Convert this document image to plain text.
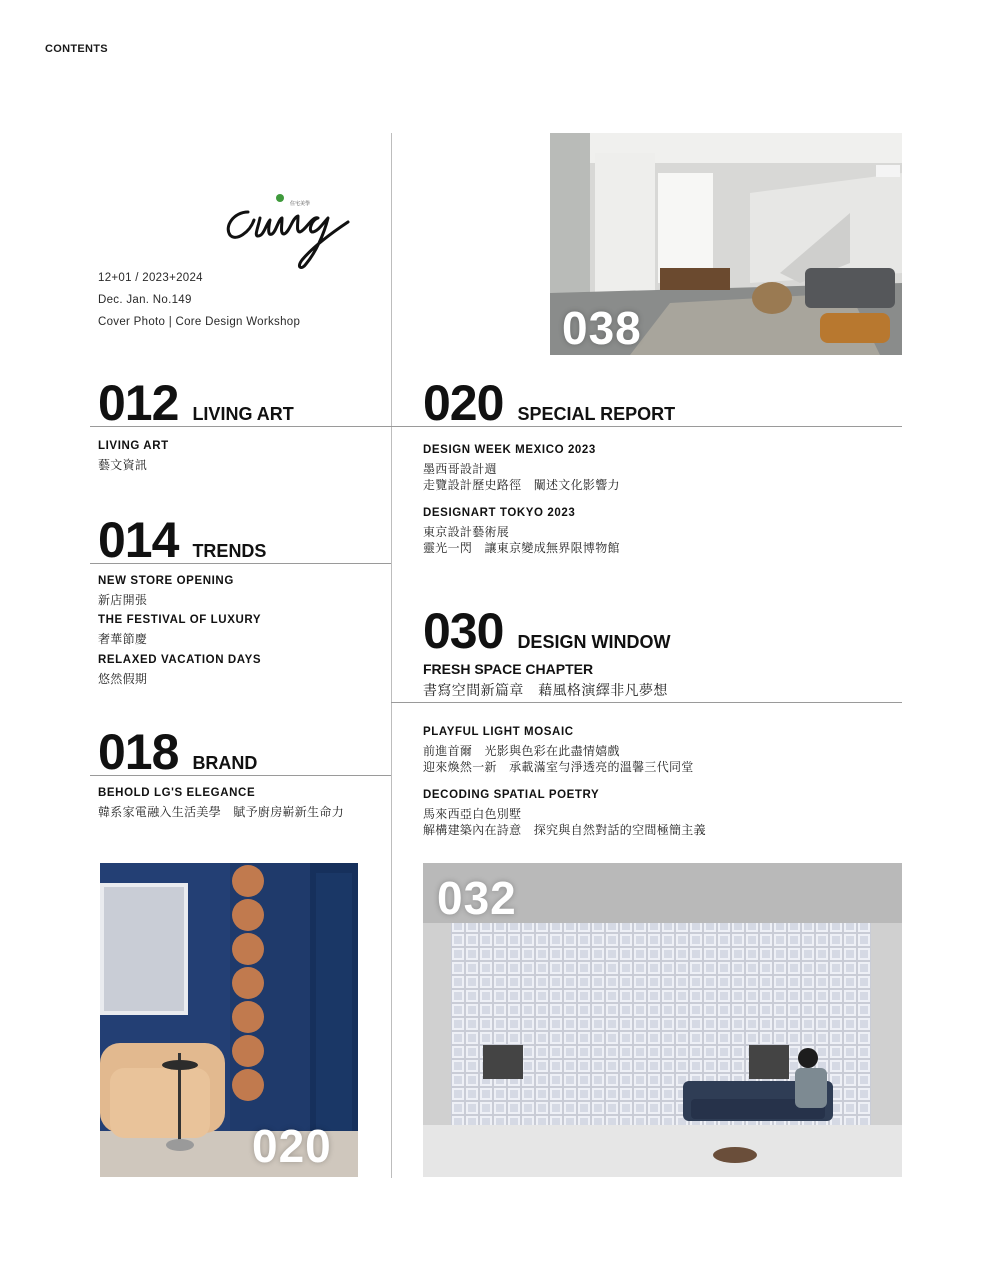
CONTENTS
住宅美學
12+01 / 2023+2024
Dec. Jan. No.149
Cover Photo | Core Design Workshop
012 LIVING ART
LIVING ART
藝文資訊
014 TRENDS
NEW STORE OPENING
新店開張
THE FESTIVAL OF LUXURY
奢華節慶
RELAXED VACATION DAYS
悠然假期
018 BRAND
BEHOLD LG'S ELEGANCE
韓系家電融入生活美學　賦予廚房嶄新生命力
020 SPECIAL REPORT
DESIGN WEEK MEXICO 2023
墨西哥設計週
走覽設計歷史路徑　闡述文化影響力
DESIGNART TOKYO 2023
東京設計藝術展
靈光一閃　讓東京變成無界限博物館
030 DESIGN WINDOW
FRESH SPACE CHAPTER
書寫空間新篇章　藉風格演繹非凡夢想
PLAYFUL LIGHT MOSAIC
前進首爾　光影與色彩在此盡情嬉戲
迎來煥然一新　承載滿室勻淨透亮的溫馨三代同堂
DECODING SPATIAL POETRY
馬來西亞白色別墅
解構建築內在詩意　探究與自然對話的空間極簡主義
038
020
032
